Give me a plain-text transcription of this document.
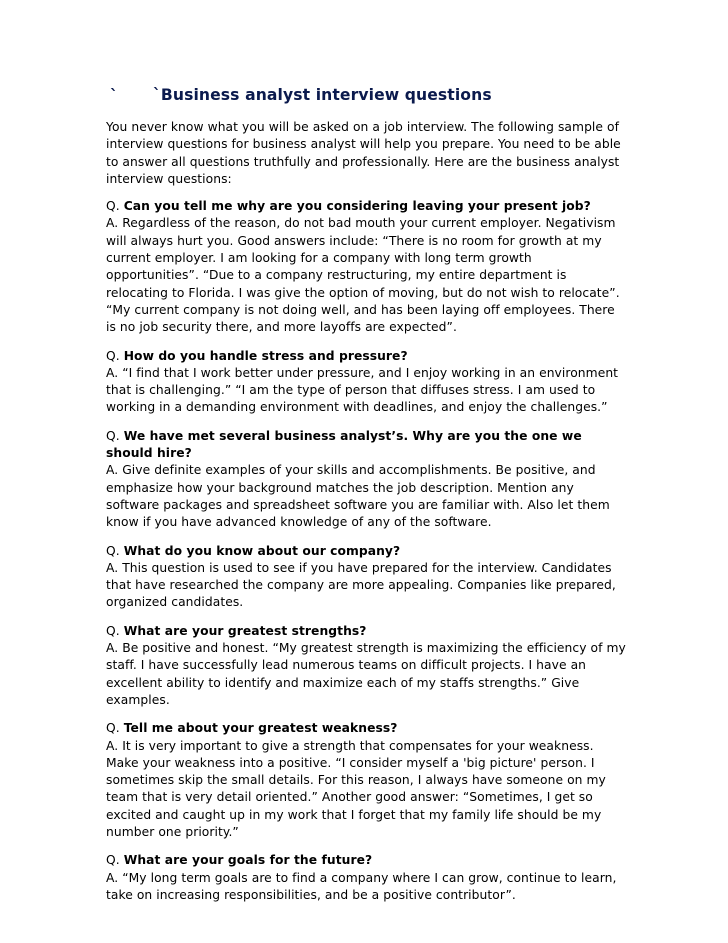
` `Business analyst interview questions

You never know what you will be asked on a job interview. The following sample of interview questions for business analyst will help you prepare. You need to be able to answer all questions truthfully and professionally. Here are the business analyst interview questions:

Q. Can you tell me why are you considering leaving your present job?
A. Regardless of the reason, do not bad mouth your current employer. Negativism will always hurt you. Good answers include: “There is no room for growth at my current employer. I am looking for a company with long term growth opportunities”. “Due to a company restructuring, my entire department is relocating to Florida. I was give the option of moving, but do not wish to relocate”. “My current company is not doing well, and has been laying off employees. There is no job security there, and more layoffs are expected”.

Q. How do you handle stress and pressure?
A. “I find that I work better under pressure, and I enjoy working in an environment that is challenging.” “I am the type of person that diffuses stress. I am used to working in a demanding environment with deadlines, and enjoy the challenges.”

Q. We have met several business analyst’s. Why are you the one we should hire?
A. Give definite examples of your skills and accomplishments. Be positive, and emphasize how your background matches the job description. Mention any software packages and spreadsheet software you are familiar with. Also let them know if you have advanced knowledge of any of the software.

Q. What do you know about our company?
A. This question is used to see if you have prepared for the interview. Candidates that have researched the company are more appealing. Companies like prepared, organized candidates.

Q. What are your greatest strengths?
A. Be positive and honest. “My greatest strength is maximizing the efficiency of my staff. I have successfully lead numerous teams on difficult projects. I have an excellent ability to identify and maximize each of my staffs strengths.” Give examples.

Q. Tell me about your greatest weakness?
A. It is very important to give a strength that compensates for your weakness. Make your weakness into a positive. “I consider myself a 'big picture' person. I sometimes skip the small details. For this reason, I always have someone on my team that is very detail oriented.” Another good answer: “Sometimes, I get so excited and caught up in my work that I forget that my family life should be my number one priority.”

Q. What are your goals for the future?
A. “My long term goals are to find a company where I can grow, continue to learn, take on increasing responsibilities, and be a positive contributor”.
